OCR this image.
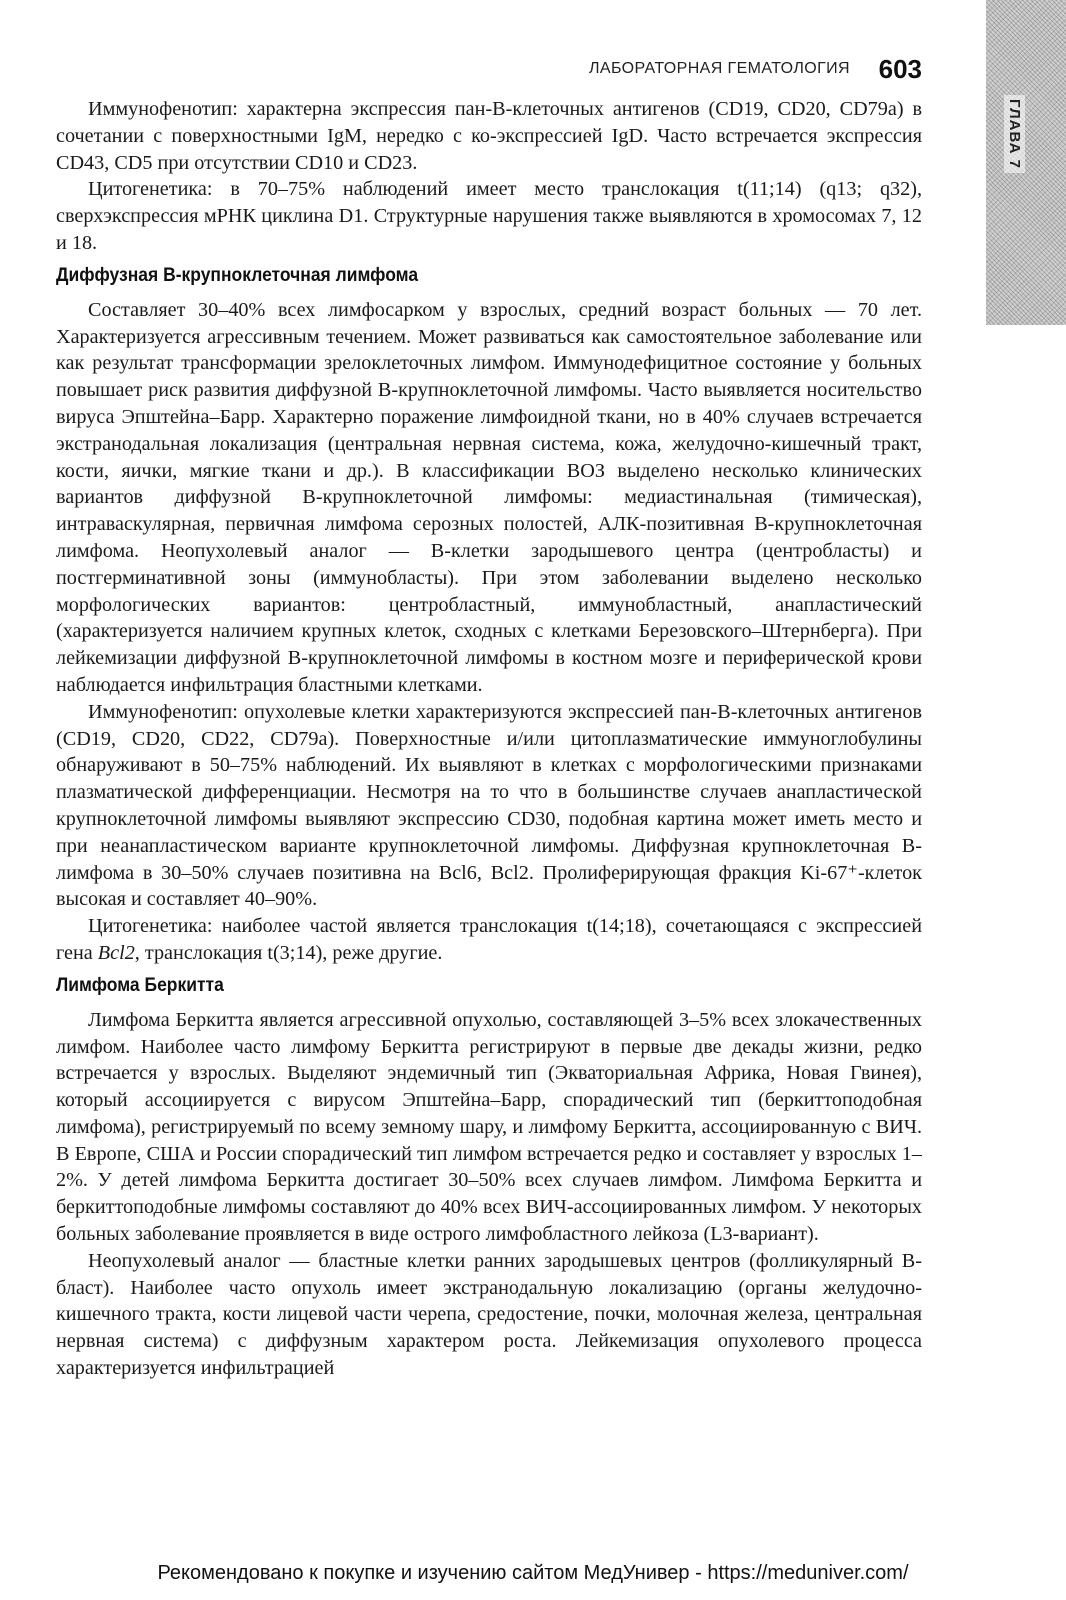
ГЛАВА 7
ЛАБОРАТОРНАЯ ГЕМАТОЛОГИЯ 603

Иммунофенотип: характерна экспрессия пан-В-клеточных антигенов (CD19, CD20, CD79a) в сочетании с поверхностными IgM, нередко с ко-экспрессией IgD. Часто встречается экспрессия CD43, CD5 при отсутствии CD10 и CD23.

Цитогенетика: в 70–75% наблюдений имеет место транслокация t(11;14) (q13; q32), сверхэкспрессия мРНК циклина D1. Структурные нарушения также выявляются в хромосомах 7, 12 и 18.

Диффузная В-крупноклеточная лимфома

Составляет 30–40% всех лимфосарком у взрослых, средний возраст больных — 70 лет. Характеризуется агрессивным течением. Может развиваться как самостоятельное заболевание или как результат трансформации зрелоклеточных лимфом. Иммунодефицитное состояние у больных повышает риск развития диффузной В-крупноклеточной лимфомы. Часто выявляется носительство вируса Эпштейна–Барр. Характерно поражение лимфоидной ткани, но в 40% случаев встречается экстранодальная локализация (центральная нервная система, кожа, желудочно-кишечный тракт, кости, яички, мягкие ткани и др.). В классификации ВОЗ выделено несколько клинических вариантов диффузной В-крупноклеточной лимфомы: медиастинальная (тимическая), интраваскулярная, первичная лимфома серозных полостей, АЛК-позитивная В-крупноклеточная лимфома. Неопухолевый аналог — В-клетки зародышевого центра (центробласты) и постгерминативной зоны (иммунобласты). При этом заболевании выделено несколько морфологических вариантов: центробластный, иммунобластный, анапластический (характеризуется наличием крупных клеток, сходных с клетками Березовского–Штернберга). При лейкемизации диффузной В-крупноклеточной лимфомы в костном мозге и периферической крови наблюдается инфильтрация бластными клетками.

Иммунофенотип: опухолевые клетки характеризуются экспрессией пан-В-клеточных антигенов (CD19, CD20, CD22, CD79a). Поверхностные и/или цитоплазматические иммуноглобулины обнаруживают в 50–75% наблюдений. Их выявляют в клетках с морфологическими признаками плазматической дифференциации. Несмотря на то что в большинстве случаев анапластической крупноклеточной лимфомы выявляют экспрессию CD30, подобная картина может иметь место и при неанапластическом варианте крупноклеточной лимфомы. Диффузная крупноклеточная В-лимфома в 30–50% случаев позитивна на Bcl6, Bcl2. Пролиферирующая фракция Ki-67⁺-клеток высокая и составляет 40–90%.

Цитогенетика: наиболее частой является транслокация t(14;18), сочетающаяся с экспрессией гена Bcl2, транслокация t(3;14), реже другие.

Лимфома Беркитта

Лимфома Беркитта является агрессивной опухолью, составляющей 3–5% всех злокачественных лимфом. Наиболее часто лимфому Беркитта регистрируют в первые две декады жизни, редко встречается у взрослых. Выделяют эндемичный тип (Экваториальная Африка, Новая Гвинея), который ассоциируется с вирусом Эпштейна–Барр, спорадический тип (беркиттоподобная лимфома), регистрируемый по всему земному шару, и лимфому Беркитта, ассоциированную с ВИЧ. В Европе, США и России спорадический тип лимфом встречается редко и составляет у взрослых 1–2%. У детей лимфома Беркитта достигает 30–50% всех случаев лимфом. Лимфома Беркитта и беркиттоподобные лимфомы составляют до 40% всех ВИЧ-ассоциированных лимфом. У некоторых больных заболевание проявляется в виде острого лимфобластного лейкоза (L3-вариант).

Неопухолевый аналог — бластные клетки ранних зародышевых центров (фолликулярный В-бласт). Наиболее часто опухоль имеет экстранодальную локализацию (органы желудочно-кишечного тракта, кости лицевой части черепа, средостение, почки, молочная железа, центральная нервная система) с диффузным характером роста. Лейкемизация опухолевого процесса характеризуется инфильтрацией

Рекомендовано к покупке и изучению сайтом МедУнивер - https://meduniver.com/
